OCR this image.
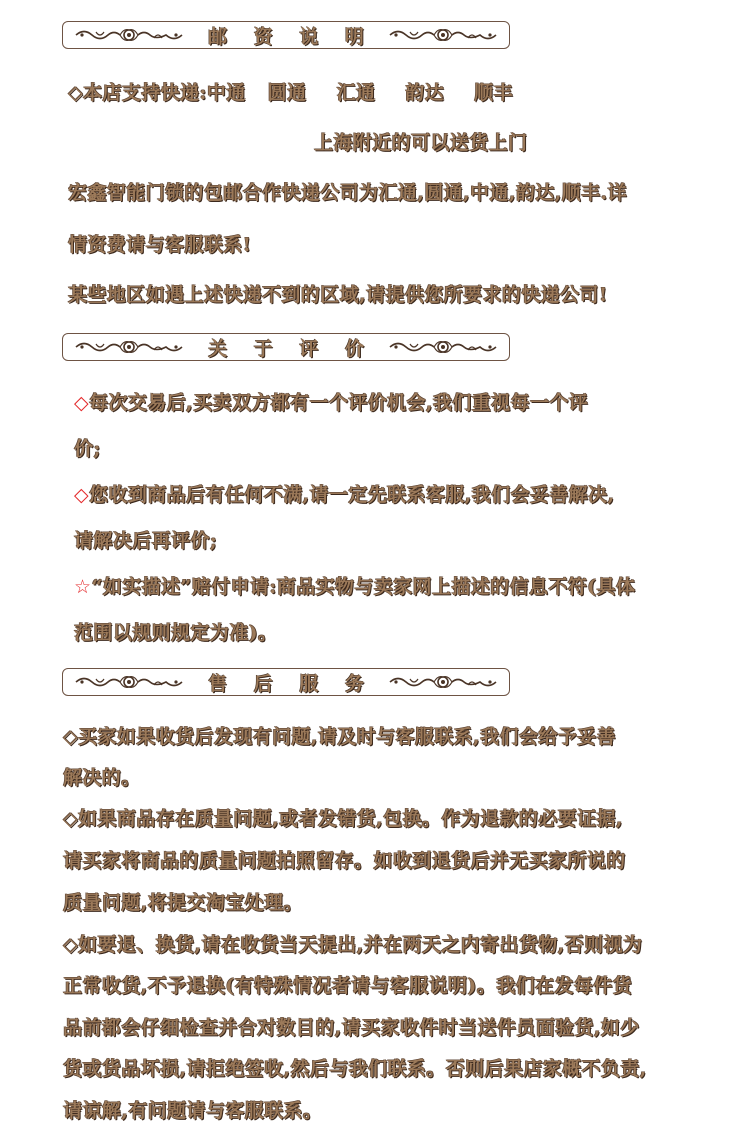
邮 资 说 明
◇本店支持快递:中通 圆通 汇通 韵达 顺丰
上海附近的可以送货上门
宏鑫智能门锁的包邮合作快递公司为汇通,圆通,中通,韵达,顺丰.详
情资费请与客服联系!
某些地区如遇上述快递不到的区域,请提供您所要求的快递公司!
关 于 评 价
◇每次交易后,买卖双方都有一个评价机会,我们重视每一个评
价;
◇您收到商品后有任何不满,请一定先联系客服,我们会妥善解决,
请解决后再评价;
☆“如实描述”赔付申请:商品实物与卖家网上描述的信息不符(具体
范围以规则规定为准)。
售 后 服 务
◇买家如果收货后发现有问题,请及时与客服联系,我们会给予妥善
解决的。
◇如果商品存在质量问题,或者发错货,包换。作为退款的必要证据,
请买家将商品的质量问题拍照留存。如收到退货后并无买家所说的
质量问题,将提交淘宝处理。
◇如要退、换货,请在收货当天提出,并在两天之内寄出货物,否则视为
正常收货,不予退换(有特殊情况者请与客服说明)。我们在发每件货
品前都会仔细检查并合对数目的,请买家收件时当送件员面验货,如少
货或货品坏损,请拒绝签收,然后与我们联系。否则后果店家概不负责,
请谅解,有问题请与客服联系。
